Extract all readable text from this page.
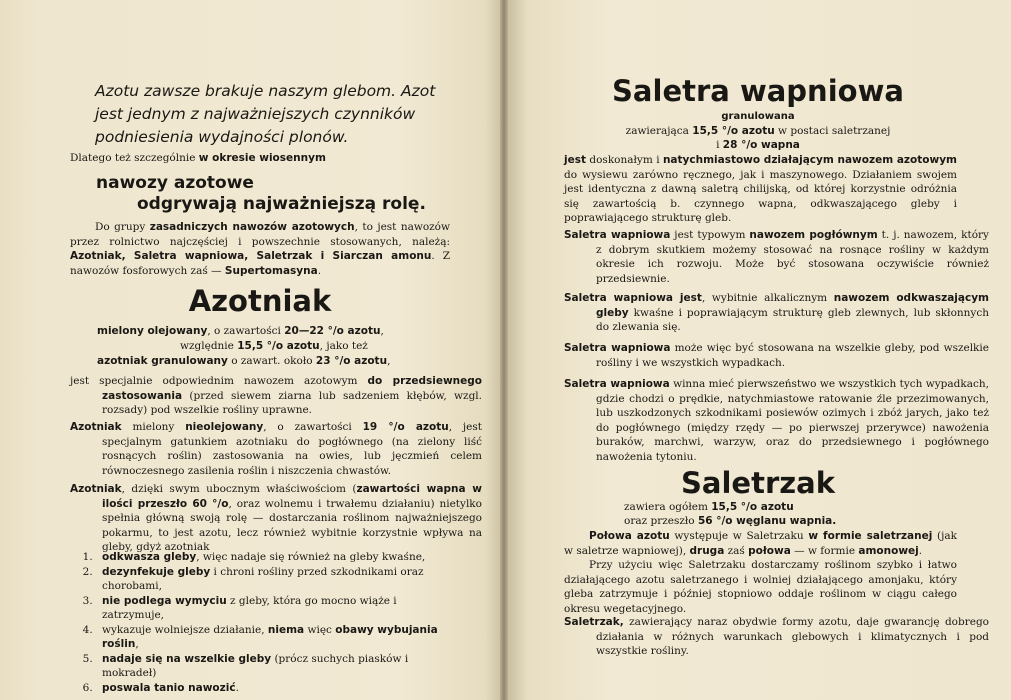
Azotu zawsze brakuje naszym glebom. Azot jest jednym z najważniejszych czynników podniesienia wydajności plonów.

Dlatego też szczególnie w okresie wiosennym

nawozy azotowe

odgrywają najważniejszą rolę.

Do grupy zasadniczych nawozów azotowych, to jest nawozów przez rolnictwo najczęściej i powszechnie stosowanych, należą: Azotniak, Saletra wapniowa, Saletrzak i Siarczan amonu. Z nawozów fosforowych zaś — Supertomasyna.

Azotniak

mielony olejowany, o zawartości 20—22 °/o azotu,

względnie 15,5 °/o azotu, jako też

azotniak granulowany o zawart. około 23 °/o azotu,

jest specjalnie odpowiednim nawozem azotowym do przedsiewnego zastosowania (przed siewem ziarna lub sadzeniem kłębów, wzgl. rozsady) pod wszelkie rośliny uprawne.

Azotniak mielony nieolejowany, o zawartości 19 °/o azotu, jest specjalnym gatunkiem azotniaku do pogłównego (na zielony liść rosnących roślin) zastosowania na owies, lub jęczmień celem równoczesnego zasilenia roślin i niszczenia chwastów.

Azotniak, dzięki swym ubocznym właściwościom (zawartości wapna w ilości przeszło 60 °/o, oraz wolnemu i trwałemu działaniu) nietylko spełnia główną swoją rolę — dostarczania roślinom najważniejszego pokarmu, to jest azotu, lecz również wybitnie korzystnie wpływa na gleby, gdyż azotniak

1. odkwasza gleby, więc nadaje się również na gleby kwaśne,
2. dezynfekuje gleby i chroni rośliny przed szkodnikami oraz chorobami,
3. nie podlega wymyciu z gleby, która go mocno wiąże i zatrzymuje,
4. wykazuje wolniejsze działanie, niema więc obawy wybujania roślin,
5. nadaje się na wszelkie gleby (prócz suchych piasków i mokradeł)
6. poswala tanio nawozić.

Saletra wapniowa

granulowana

zawierająca 15,5 °/o azotu w postaci saletrzanej

i 28 °/o wapna

jest doskonałym i natychmiastowo działającym nawozem azotowym do wysiewu zarówno ręcznego, jak i maszynowego. Działaniem swojem jest identyczna z dawną saletrą chilijską, od której korzystnie odróżnia się zawartością b. czynnego wapna, odkwaszającego gleby i poprawiającego strukturę gleb.

Saletra wapniowa jest typowym nawozem pogłównym t. j. nawozem, który z dobrym skutkiem możemy stosować na rosnące rośliny w każdym okresie ich rozwoju. Może być stosowana oczywiście również przedsiewnie.

Saletra wapniowa jest, wybitnie alkalicznym nawozem odkwaszającym gleby kwaśne i poprawiającym strukturę gleb zlewnych, lub skłonnych do zlewania się.

Saletra wapniowa może więc być stosowana na wszelkie gleby, pod wszelkie rośliny i we wszystkich wypadkach.

Saletra wapniowa winna mieć pierwszeństwo we wszystkich tych wypadkach, gdzie chodzi o prędkie, natychmiastowe ratowanie źle przezimowanych, lub uszkodzonych szkodnikami posiewów ozimych i zbóż jarych, jako też do pogłównego (między rzędy — po pierwszej przerywce) nawożenia buraków, marchwi, warzyw, oraz do przedsiewnego i pogłównego nawożenia tytoniu.

Saletrzak

zawiera ogółem 15,5 °/o azotu

oraz przeszło 56 °/o węglanu wapnia.

Połowa azotu występuje w Saletrzaku w formie saletrzanej (jak w saletrze wapniowej), druga zaś połowa — w formie amonowej.

Przy użyciu więc Saletrzaku dostarczamy roślinom szybko i łatwo działającego azotu saletrzanego i wolniej działającego amonjaku, który gleba zatrzymuje i później stopniowo oddaje roślinom w ciągu całego okresu wegetacyjnego.

Saletrzak, zawierający naraz obydwie formy azotu, daje gwarancję dobrego działania w różnych warunkach glebowych i klimatycznych i pod wszystkie rośliny.
